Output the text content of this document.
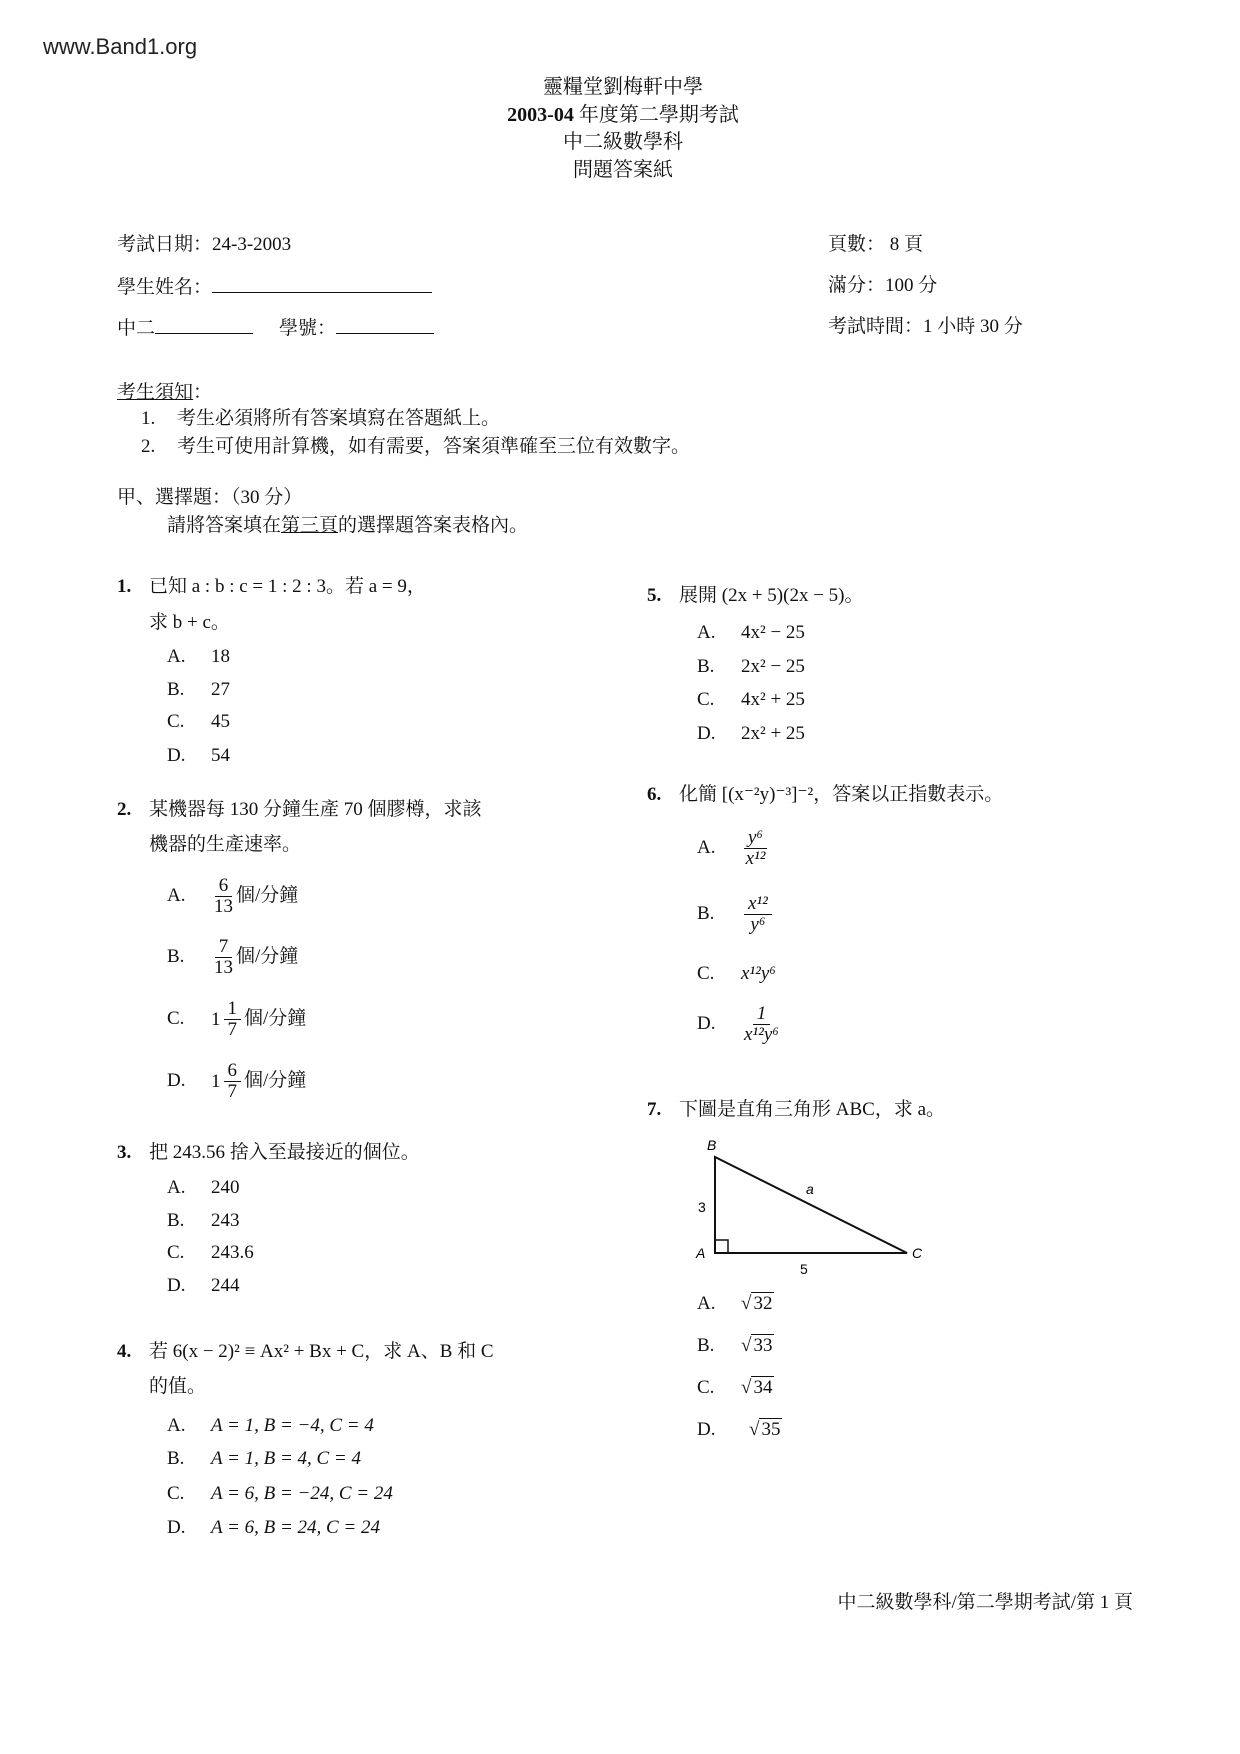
www.Band1.org
靈糧堂劉梅軒中學
2003-04 年度第二學期考試
中二級數學科
問題答案紙
考試日期：24-3-2003
學生姓名：
中二	學號：
頁數： 8 頁
滿分：100 分
考試時間：1 小時 30 分
考生須知：
1. 考生必須將所有答案填寫在答題紙上。
2. 考生可使用計算機，如有需要，答案須準確至三位有效數字。
甲、選擇題：（30 分）
請將答案填在第三頁的選擇題答案表格內。
1. 已知 a : b : c = 1 : 2 : 3。若 a = 9，
求 b + c。
A. 18
B. 27
C. 45
D. 54
2. 某機器每 130 分鐘生產 70 個膠樽，求該
機器的生產速率。
A. $\frac{6}{13}$ 個/分鐘
B. $\frac{7}{13}$ 個/分鐘
C. $1 \frac{1}{7}$ 個/分鐘
D. $1 \frac{6}{7}$ 個/分鐘
3. 把 243.56 捨入至最接近的個位。
A. 240
B. 243
C. 243.6
D. 244
4. 若 6(x − 2)² ≡ Ax² + Bx + C，求 A、B 和 C
的值。
A. A = 1, B = −4, C = 4
B. A = 1, B = 4, C = 4
C. A = 6, B = −24, C = 24
D. A = 6, B = 24, C = 24
5. 展開 (2x + 5)(2x − 5)。
A. 4x² − 25
B. 2x² − 25
C. 4x² + 25
D. 2x² + 25
6. 化簡 [(x⁻²y)⁻³]⁻²，答案以正指數表示。
A. $\frac{\text{y⁶}}{\text{x¹²}}$
B. $\frac{\text{x¹²}}{\text{y⁶}}$
C. x¹²y⁶
D. $\frac{1}{\text{x¹²y⁶}}$
7. 下圖是直角三角形 ABC，求 a。
B
A	C
3
5
a
A. √ 32
B. √ 33
C. √ 34
D. √ 35
中二級數學科/第二學期考試/第 1 頁
